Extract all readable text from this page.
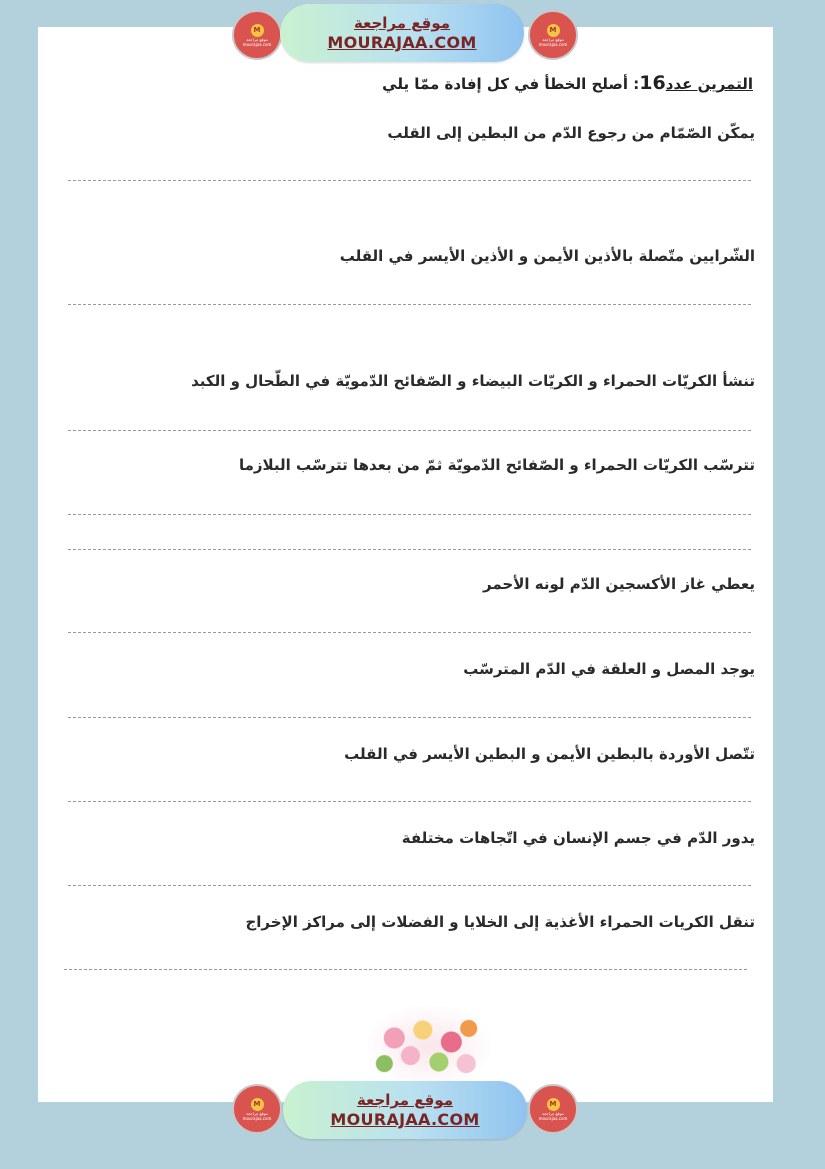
M
موقع مراجعة
mourajaa.com
موقع مراجعة
MOURAJAA.COM
M
موقع مراجعة
mourajaa.com
التمرين عدد16: أصلح الخطأ في كل إفادة ممّا يلي
يمكّن الصّمّام من رجوع الدّم من البطين إلى القلب
الشّرايين متّصلة بالأذين الأيمن و الأذين الأيسر في القلب
تنشأ الكريّات الحمراء و الكريّات البيضاء و الصّفائح الدّمويّة في الطّحال و الكبد
تترسّب الكريّات الحمراء و الصّفائح الدّمويّة ثمّ من بعدها تترسّب البلازما
يعطي غاز الأكسجين الدّم لونه الأحمر
يوجد المصل و العلقة في الدّم المترسّب
تتّصل الأوردة بالبطين الأيمن و البطين الأيسر في القلب
يدور الدّم في جسم الإنسان في اتّجاهات مختلفة
تنقل الكريات الحمراء الأغذية إلى الخلايا و الفضلات إلى مراكز الإخراج
M
موقع مراجعة
mourajaa.com
موقع مراجعة
MOURAJAA.COM
M
موقع مراجعة
mourajaa.com
